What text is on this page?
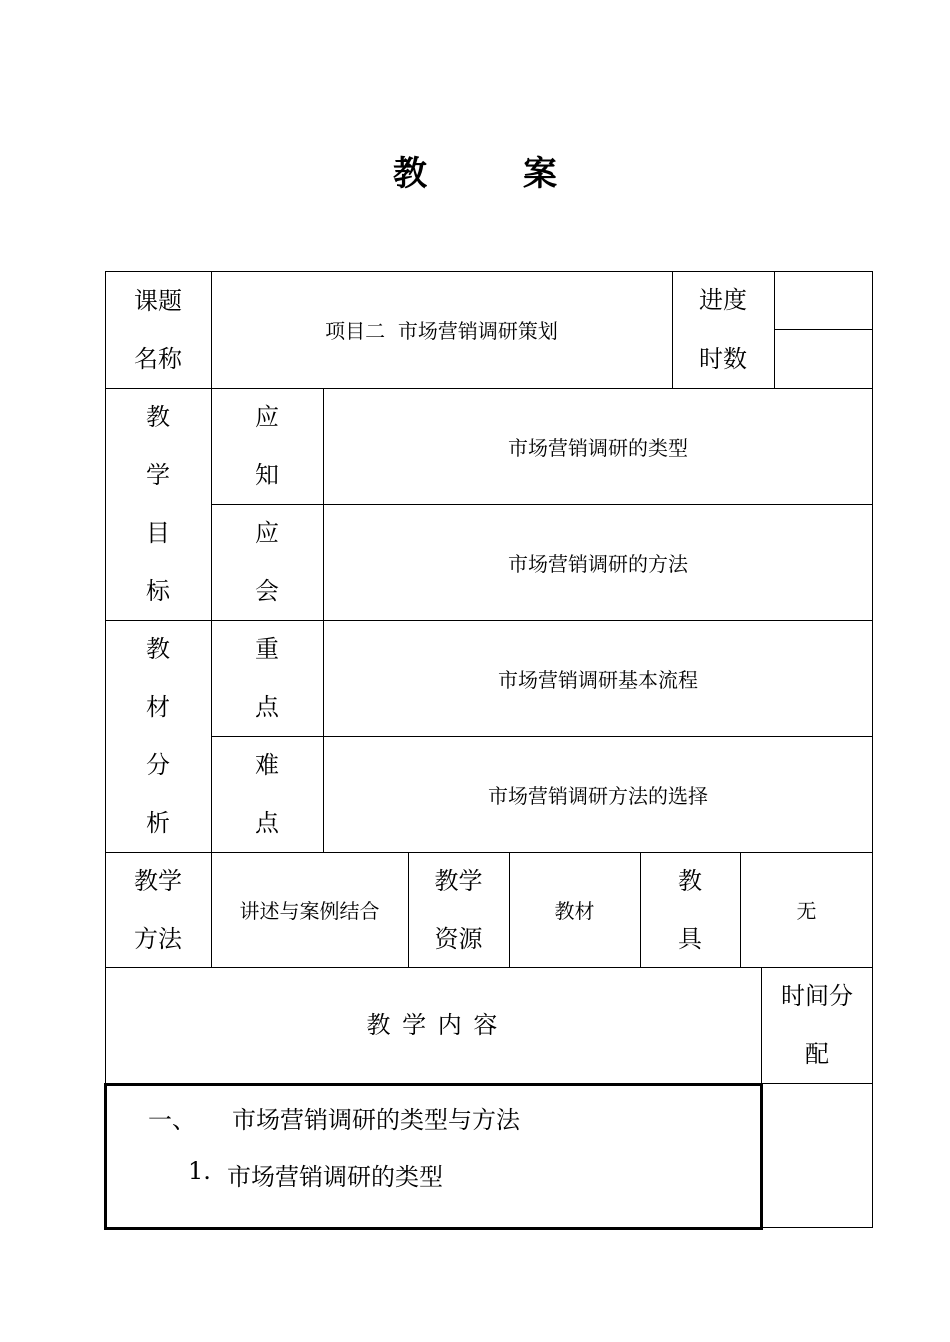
教	案
课题
名称
项目二  市场营销调研策划
进度
时数
教
学
目
标
应
知
市场营销调研的类型
应
会
市场营销调研的方法
教
材
分
析
重
点
市场营销调研基本流程
难
点
市场营销调研方法的选择
教学
方法
讲述与案例结合
教学
资源
教材
教
具
无
教 学 内 容
时间分
配
一、 市场营销调研的类型与方法
1. 市场营销调研的类型
